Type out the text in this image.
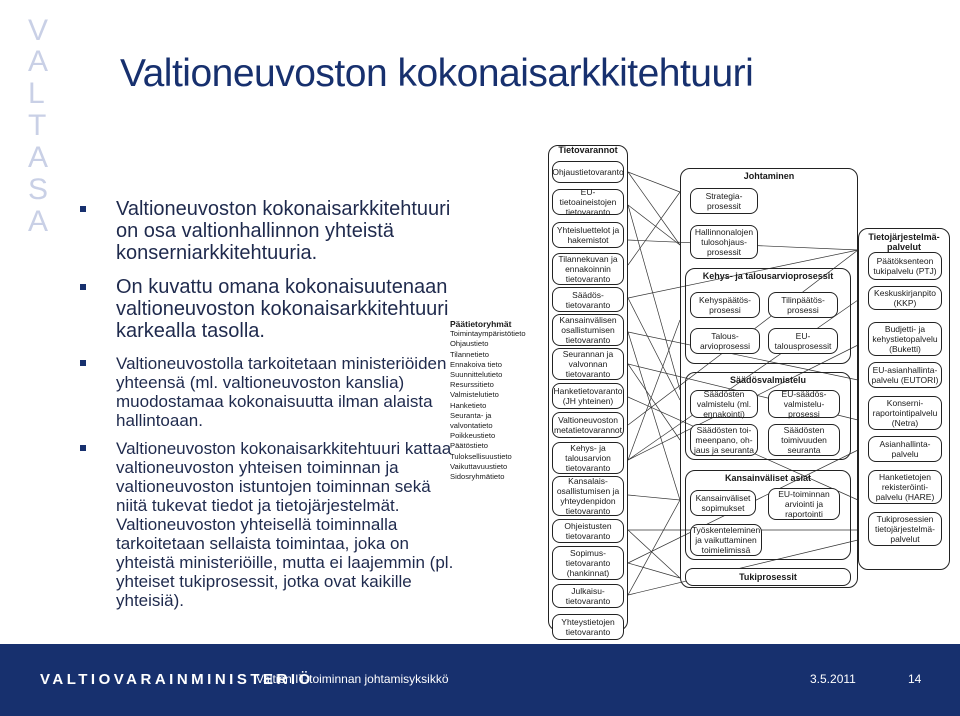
V
A
L
T
A
S
A
Valtioneuvoston kokonaisarkkitehtuuri
Valtioneuvoston kokonaisarkkitehtuuri on osa valtionhallinnon yhteistä konserniarkkitehtuuria.
On kuvattu omana kokonaisuutenaan valtioneuvoston kokonaisarkkitehtuuri karkealla tasolla.
Valtioneuvostolla tarkoitetaan ministeriöiden yhteensä (ml. valtioneuvoston kanslia) muodostamaa kokonaisuutta ilman alaista hallintoaan.
Valtioneuvoston kokonaisarkkitehtuuri kattaa valtioneuvoston yhteisen toiminnan ja valtioneuvoston istuntojen toiminnan sekä niitä tukevat tiedot ja tietojärjestelmät. Valtioneuvoston yhteisellä toiminnalla tarkoitetaan sellaista toimintaa, joka on yhteistä ministeriöille, mutta ei laajemmin (pl. yhteiset tukiprosessit, jotka ovat kaikille yhteisiä).
Päätietoryhmät
Toimintaympäristötieto
Ohjaustieto
Tilannetieto
Ennakoiva tieto
Suunnittelutieto
Resurssitieto
Valmistelutieto
Hanketieto
Seuranta- ja valvontatieto
Poikkeustieto
Päätöstieto
Tuloksellisuustieto
Vaikuttavuustieto
Sidosryhmätieto
Tietovarannot
Ohjaustietovaranto
EU-tietoaineistojen tietovaranto
Yhteisluettelot ja hakemistot
Tilannekuvan ja ennakoinnin tietovaranto
Säädös-tietovaranto
Kansainvälisen osallistumisen tietovaranto
Seurannan ja valvonnan tietovaranto
Hanketietovaranto (JH yhteinen)
Valtioneuvoston metatietovarannot
Kehys- ja talousarvion tietovaranto
Kansalais-osallistumisen ja yhteydenpidon tietovaranto
Ohjeistusten tietovaranto
Sopimus-tietovaranto (hankinnat)
Julkaisu-tietovaranto
Yhteystietojen tietovaranto
Johtaminen
Strategia-prosessit
Hallinnonalojen tulosohjaus-prosessit
Kehys- ja talousarvioprosessit
Kehyspäätös-prosessi
Tilinpäätös-prosessi
Talous-arvioprosessi
EU-talousprosessit
Säädösvalmistelu
Säädösten valmistelu (ml. ennakointi)
EU-säädös-valmistelu-prosessi
Säädösten toi-meenpano, oh-jaus ja seuranta
Säädösten toimivuuden seuranta
Kansainväliset asiat
Kansainväliset sopimukset
EU-toiminnan arviointi ja raportointi
Työskenteleminen ja vaikuttaminen toimielimissä
Tukiprosessit
Tietojärjestelmä-palvelut
Päätöksenteon tukipalvelu (PTJ)
Keskuskirjanpito (KKP)
Budjetti- ja kehystietopalvelu (Buketti)
EU-asianhallinta-palvelu (EUTORI)
Konserni-raportointipalvelu (Netra)
Asianhallinta-palvelu
Hanketietojen rekisteröinti-palvelu (HARE)
Tukiprosessien tietojärjestelmä-palvelut
VALTIOVARAINMINISTERIÖ
Valtion IT-toiminnan johtamisyksikkö	3.5.2011	14
